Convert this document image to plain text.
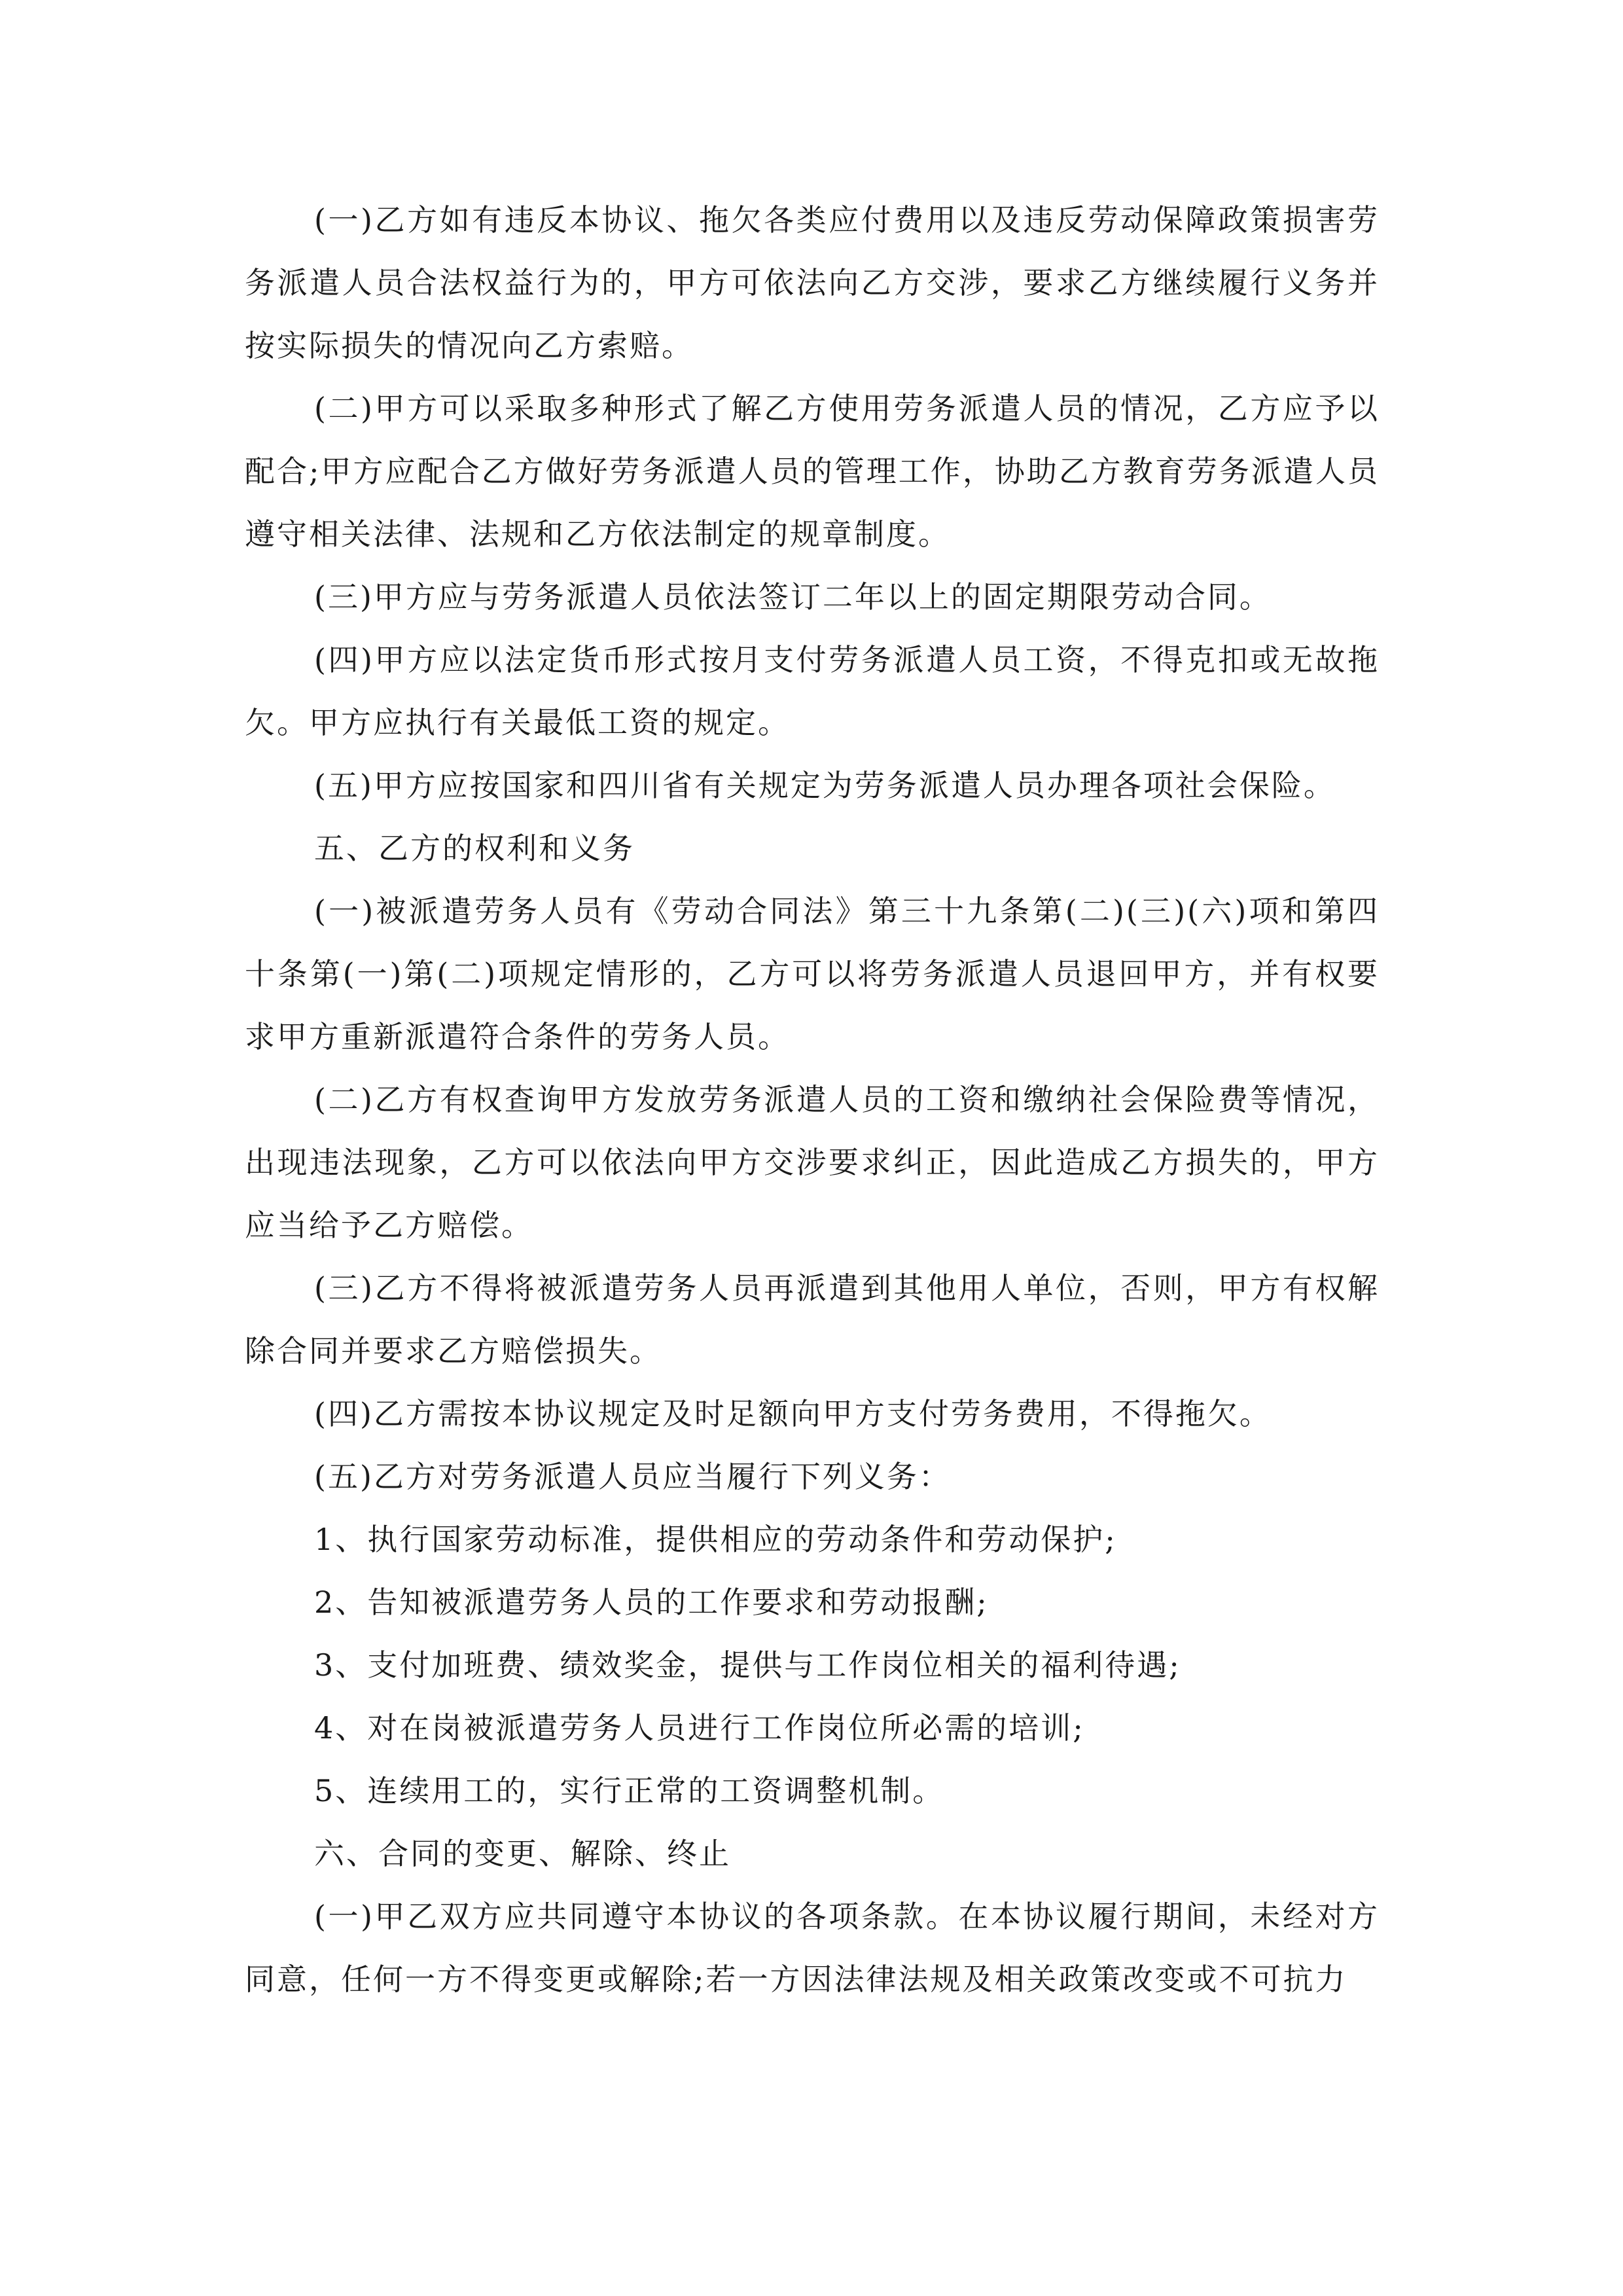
(一)乙方如有违反本协议、拖欠各类应付费用以及违反劳动保障政策损害劳务派遣人员合法权益行为的，甲方可依法向乙方交涉，要求乙方继续履行义务并按实际损失的情况向乙方索赔。

(二)甲方可以采取多种形式了解乙方使用劳务派遣人员的情况，乙方应予以配合;甲方应配合乙方做好劳务派遣人员的管理工作，协助乙方教育劳务派遣人员遵守相关法律、法规和乙方依法制定的规章制度。

(三)甲方应与劳务派遣人员依法签订二年以上的固定期限劳动合同。

(四)甲方应以法定货币形式按月支付劳务派遣人员工资，不得克扣或无故拖欠。甲方应执行有关最低工资的规定。

(五)甲方应按国家和四川省有关规定为劳务派遣人员办理各项社会保险。

五、乙方的权利和义务

(一)被派遣劳务人员有《劳动合同法》第三十九条第(二)(三)(六)项和第四十条第(一)第(二)项规定情形的，乙方可以将劳务派遣人员退回甲方，并有权要求甲方重新派遣符合条件的劳务人员。

(二)乙方有权查询甲方发放劳务派遣人员的工资和缴纳社会保险费等情况，出现违法现象，乙方可以依法向甲方交涉要求纠正，因此造成乙方损失的，甲方应当给予乙方赔偿。

(三)乙方不得将被派遣劳务人员再派遣到其他用人单位，否则，甲方有权解除合同并要求乙方赔偿损失。

(四)乙方需按本协议规定及时足额向甲方支付劳务费用，不得拖欠。

(五)乙方对劳务派遣人员应当履行下列义务：

1、执行国家劳动标准，提供相应的劳动条件和劳动保护;

2、告知被派遣劳务人员的工作要求和劳动报酬;

3、支付加班费、绩效奖金，提供与工作岗位相关的福利待遇;

4、对在岗被派遣劳务人员进行工作岗位所必需的培训;

5、连续用工的，实行正常的工资调整机制。

六、合同的变更、解除、终止

(一)甲乙双方应共同遵守本协议的各项条款。在本协议履行期间，未经对方同意，任何一方不得变更或解除;若一方因法律法规及相关政策改变或不可抗力
